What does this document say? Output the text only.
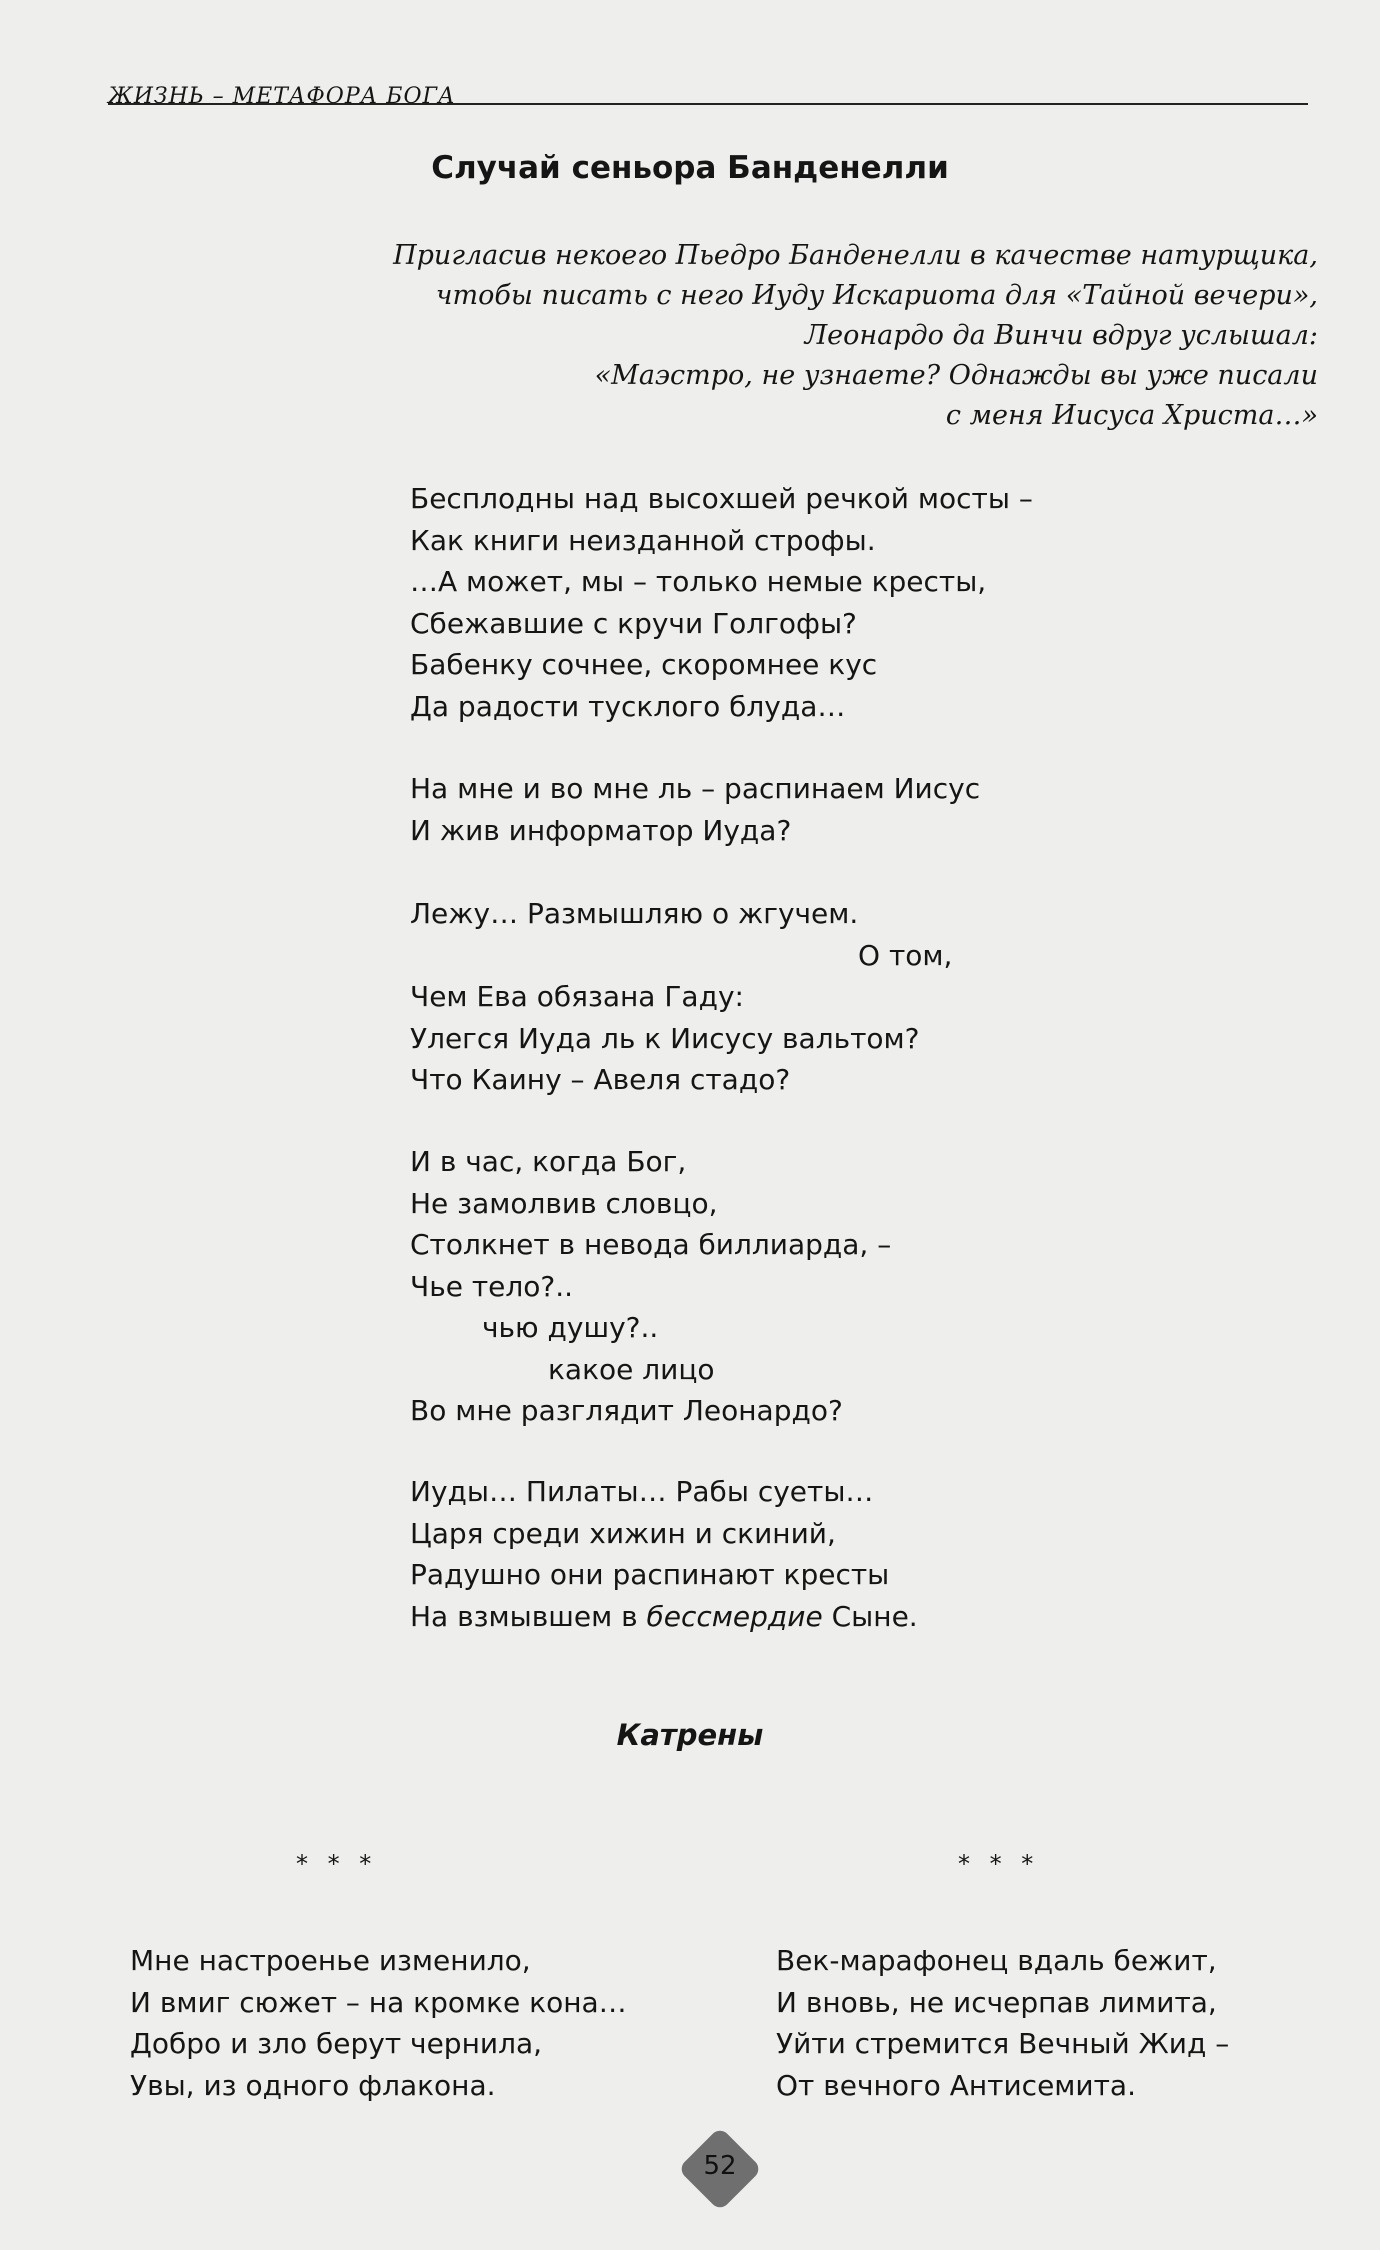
ЖИЗНЬ – МЕТАФОРА БОГА
Случай сеньора Банденелли
Пригласив некоего Пьедро Банденелли в качестве натурщика,
чтобы писать с него Иуду Искариота для «Тайной вечери»,
Леонардо да Винчи вдруг услышал:
«Маэстро, не узнаете? Однажды вы уже писали
с меня Иисуса Христа…»
Бесплодны над высохшей речкой мосты –
Как книги неизданной строфы.
…А может, мы – только немые кресты,
Сбежавшие с кручи Голгофы?
Бабенку сочнее, скоромнее кус
Да радости тусклого блуда…
На мне и во мне ль – распинаем Иисус
И жив информатор Иуда?
Лежу… Размышляю о жгучем.
О том,
Чем Ева обязана Гаду:
Улегся Иуда ль к Иисусу вальтом?
Что Каину – Авеля стадо?
И в час, когда Бог,
Не замолвив словцо,
Столкнет в невода биллиарда, –
Чье тело?..
чью душу?..
какое лицо
Во мне разглядит Леонардо?
Иуды… Пилаты… Рабы суеты…
Царя среди хижин и скиний,
Радушно они распинают кресты
На взмывшем в бессмердие Сыне.
Катрены
* * *	* * *
Мне настроенье изменило,
И вмиг сюжет – на кромке кона…
Добро и зло берут чернила,
Увы, из одного флакона.
Век-марафонец вдаль бежит,
И вновь, не исчерпав лимита,
Уйти стремится Вечный Жид –
От вечного Антисемита.
52
